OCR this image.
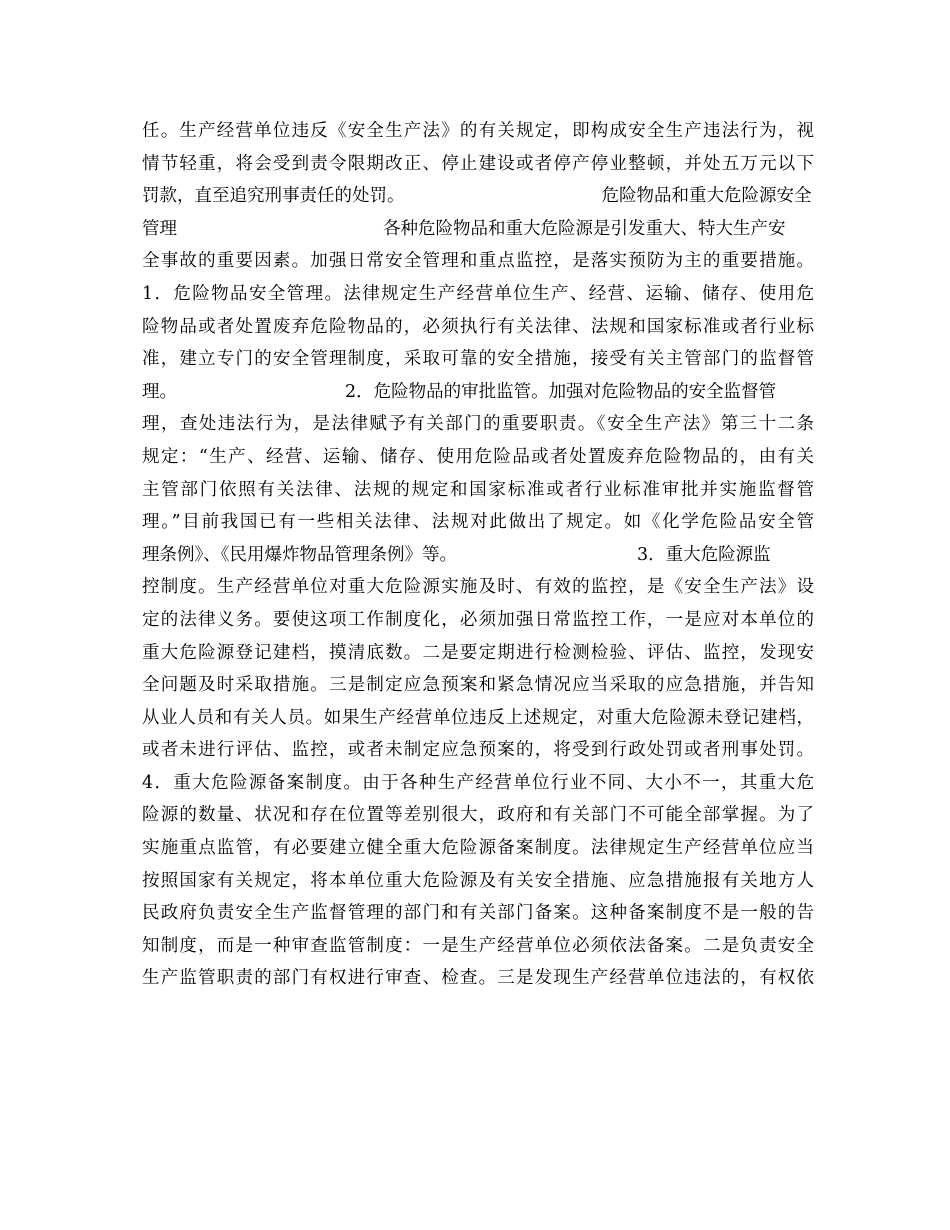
任。生产经营单位违反《安全生产法》的有关规定，即构成安全生产违法行为，视
情节轻重，将会受到责令限期改正、停止建设或者停产停业整顿，并处五万元以下
罚款，直至追究刑事责任的处罚。	危险物品和重大危险源安全
管理	各种危险物品和重大危险源是引发重大、特大生产安
全事故的重要因素。加强日常安全管理和重点监控，是落实预防为主的重要措施。
1．危险物品安全管理。法律规定生产经营单位生产、经营、运输、储存、使用危
险物品或者处置废弃危险物品的，必须执行有关法律、法规和国家标准或者行业标
准，建立专门的安全管理制度，采取可靠的安全措施，接受有关主管部门的监督管
理。	2．危险物品的审批监管。加强对危险物品的安全监督管
理，查处违法行为，是法律赋予有关部门的重要职责。《安全生产法》第三十二条
规定：“生产、经营、运输、储存、使用危险品或者处置废弃危险物品的，由有关
主管部门依照有关法律、法规的规定和国家标准或者行业标准审批并实施监督管
理。”目前我国已有一些相关法律、法规对此做出了规定。如《化学危险品安全管
理条例》、《民用爆炸物品管理条例》等。	3．重大危险源监
控制度。生产经营单位对重大危险源实施及时、有效的监控，是《安全生产法》设
定的法律义务。要使这项工作制度化，必须加强日常监控工作，一是应对本单位的
重大危险源登记建档，摸清底数。二是要定期进行检测检验、评估、监控，发现安
全问题及时采取措施。三是制定应急预案和紧急情况应当采取的应急措施，并告知
从业人员和有关人员。如果生产经营单位违反上述规定，对重大危险源未登记建档，
或者未进行评估、监控，或者未制定应急预案的，将受到行政处罚或者刑事处罚。
4．重大危险源备案制度。由于各种生产经营单位行业不同、大小不一，其重大危
险源的数量、状况和存在位置等差别很大，政府和有关部门不可能全部掌握。为了
实施重点监管，有必要建立健全重大危险源备案制度。法律规定生产经营单位应当
按照国家有关规定，将本单位重大危险源及有关安全措施、应急措施报有关地方人
民政府负责安全生产监督管理的部门和有关部门备案。这种备案制度不是一般的告
知制度，而是一种审查监管制度：一是生产经营单位必须依法备案。二是负责安全
生产监管职责的部门有权进行审查、检查。三是发现生产经营单位违法的，有权依
